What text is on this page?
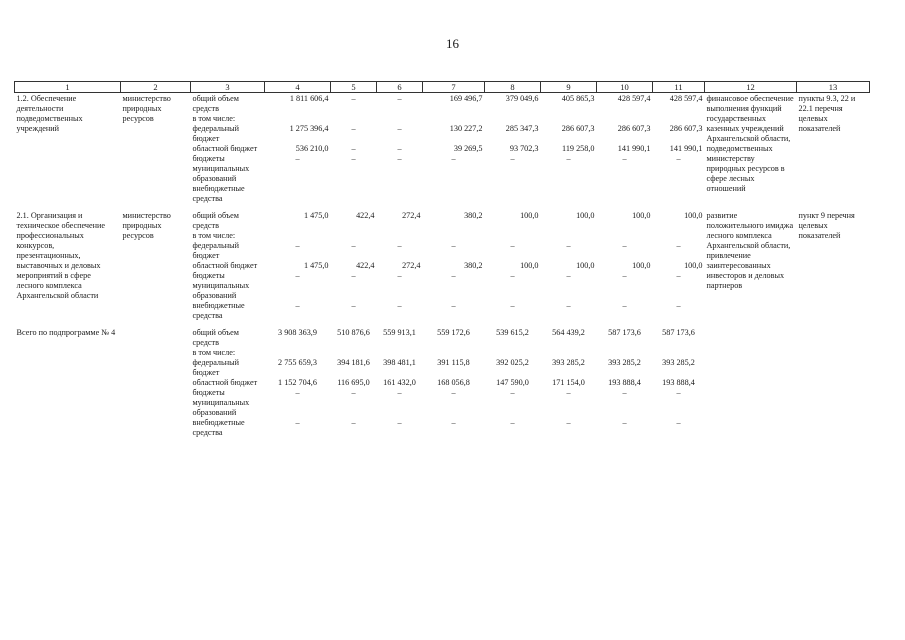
16
1	2	3	4	5	6	7	8	9	10	11	12	13
1.2. Обеспечение деятельности подведомственных учреждений	министерство природных ресурсов	общий объем средств	1 811 606,4	–	–	169 496,7	379 049,6	405 865,3	428 597,4	428 597,4	финансовое обеспечение выполнения функций государственных казенных учреждений Архангельской области, подведомственных министерству природных ресурсов в сфере лесных отношений	пункты 9.3, 22 и 22.1 перечня целевых показателей
		в том числе:										
		федеральный бюджет	1 275 396,4	–	–	130 227,2	285 347,3	286 607,3	286 607,3	286 607,3		
		областной бюджет	536 210,0	–	–	39 269,5	93 702,3	119 258,0	141 990,1	141 990,1		
		бюджеты муниципальных образований	–	–	–	–	–	–	–	–		
		внебюджетные средства										

2.1. Организация и техническое обеспечение профессиональных конкурсов, презентационных, выставочных и деловых мероприятий в сфере лесного комплекса Архангельской области	министерство природных ресурсов	общий объем средств	1 475,0	422,4	272,4	380,2	100,0	100,0	100,0	100,0	развитие положительного имиджа лесного комплекса Архангельской области, привлечение заинтересованных инвесторов и деловых партнеров	пункт 9 перечня целевых показателей
		в том числе:										
		федеральный бюджет	–	–	–	–	–	–	–	–		
		областной бюджет	1 475,0	422,4	272,4	380,2	100,0	100,0	100,0	100,0		
		бюджеты муниципальных образований	–	–	–	–	–	–	–	–		
		внебюджетные средства	–	–	–	–	–	–	–	–		

Всего по подпрограмме № 4		общий объем средств	3 908 363,9	510 876,6	559 913,1	559 172,6	539 615,2	564 439,2	587 173,6	587 173,6		
		в том числе:										
		федеральный бюджет	2 755 659,3	394 181,6	398 481,1	391 115,8	392 025,2	393 285,2	393 285,2	393 285,2		
		областной бюджет	1 152 704,6	116 695,0	161 432,0	168 056,8	147 590,0	171 154,0	193 888,4	193 888,4		
		бюджеты муниципальных образований	–	–	–	–	–	–	–	–		
		внебюджетные средства	–	–	–	–	–	–	–	–		
